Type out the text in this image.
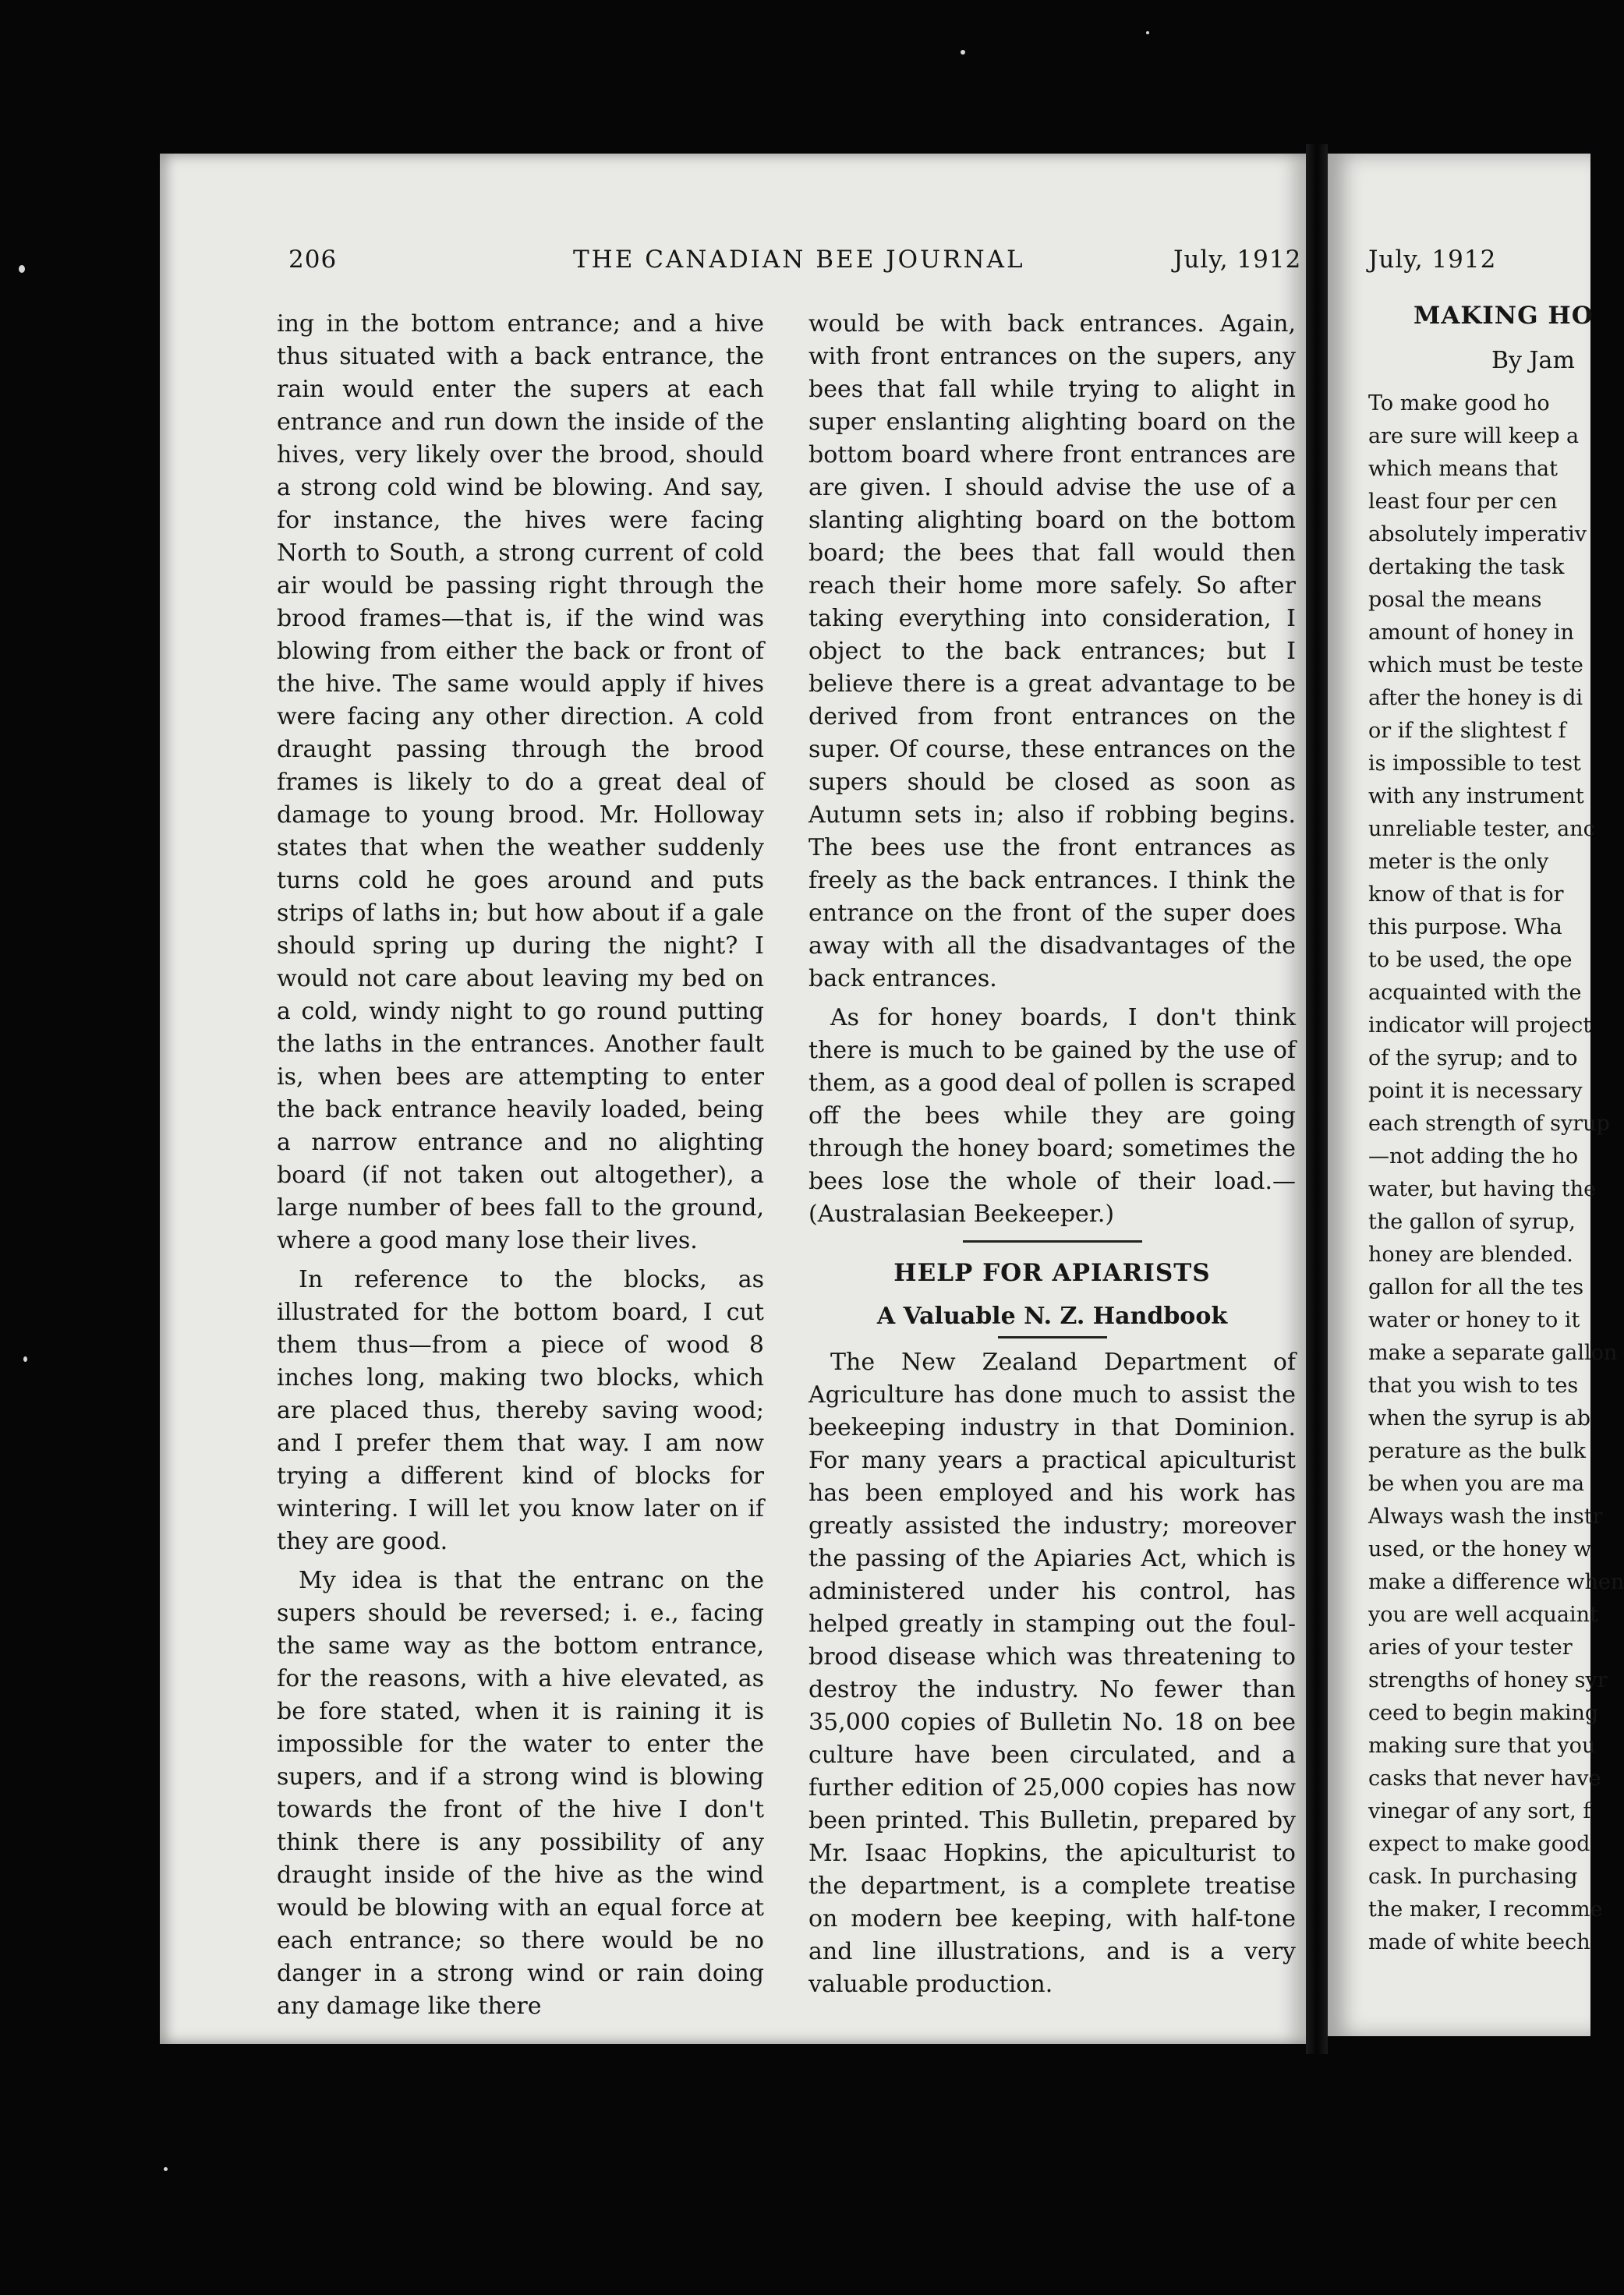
206	THE CANADIAN BEE JOURNAL	July, 1912

ing in the bottom entrance; and a hive thus situated with a back entrance, the rain would enter the supers at each entrance and run down the inside of the hives, very likely over the brood, should a strong cold wind be blowing. And say, for instance, the hives were facing North to South, a strong current of cold air would be passing right through the brood frames—that is, if the wind was blowing from either the back or front of the hive. The same would apply if hives were facing any other direction. A cold draught passing through the brood frames is likely to do a great deal of damage to young brood. Mr. Holloway states that when the weather suddenly turns cold he goes around and puts strips of laths in; but how about if a gale should spring up during the night? I would not care about leaving my bed on a cold, windy night to go round putting the laths in the entrances. Another fault is, when bees are attempting to enter the back entrance heavily loaded, being a narrow entrance and no alighting board (if not taken out altogether), a large number of bees fall to the ground, where a good many lose their lives.

In reference to the blocks, as illustrated for the bottom board, I cut them thus—from a piece of wood 8 inches long, making two blocks, which are placed thus, thereby saving wood; and I prefer them that way. I am now trying a different kind of blocks for wintering. I will let you know later on if they are good.

My idea is that the entranc on the supers should be reversed; i. e., facing the same way as the bottom entrance, for the reasons, with a hive elevated, as be fore stated, when it is raining it is impossible for the water to enter the supers, and if a strong wind is blowing towards the front of the hive I don't think there is any possibility of any draught inside of the hive as the wind would be blowing with an equal force at each entrance; so there would be no danger in a strong wind or rain doing any damage like there

would be with back entrances. Again, with front entrances on the supers, any bees that fall while trying to alight in super enslanting alighting board on the bottom board where front entrances are are given. I should advise the use of a slanting alighting board on the bottom board; the bees that fall would then reach their home more safely. So after taking everything into consideration, I object to the back entrances; but I believe there is a great advantage to be derived from front entrances on the super. Of course, these entrances on the supers should be closed as soon as Autumn sets in; also if robbing begins. The bees use the front entrances as freely as the back entrances. I think the entrance on the front of the super does away with all the disadvantages of the back entrances.

As for honey boards, I don't think there is much to be gained by the use of them, as a good deal of pollen is scraped off the bees while they are going through the honey board; sometimes the bees lose the whole of their load.—(Australasian Beekeeper.)

HELP FOR APIARISTS
A Valuable N. Z. Handbook

The New Zealand Department of Agriculture has done much to assist the beekeeping industry in that Dominion. For many years a practical apiculturist has been employed and his work has greatly assisted the industry; moreover the passing of the Apiaries Act, which is administered under his control, has helped greatly in stamping out the foul-brood disease which was threatening to destroy the industry. No fewer than 35,000 copies of Bulletin No. 18 on bee culture have been circulated, and a further edition of 25,000 copies has now been printed. This Bulletin, prepared by Mr. Isaac Hopkins, the apiculturist to the department, is a complete treatise on modern bee keeping, with half-tone and line illustrations, and is a very valuable production.

July, 1912
MAKING HO
By Jam
To make good ho
are sure will keep a
which means that
least four per cen
absolutely imperativ
dertaking the task
posal the means
amount of honey in
which must be teste
after the honey is di
or if the slightest f
is impossible to test
with any instrument
unreliable tester, anc
meter is the only
know of that is for
this purpose. Wha
to be used, the ope
acquainted with the
indicator will project
of the syrup; and to
point it is necessary
each strength of syrup
—not adding the ho
water, but having the
the gallon of syrup,
honey are blended.
gallon for all the tes
water or honey to it
make a separate gallon
that you wish to tes
when the syrup is ab
perature as the bulk
be when you are ma
Always wash the instr
used, or the honey w
make a difference when
you are well acquaint
aries of your tester
strengths of honey syr
ceed to begin making
making sure that you
casks that never have
vinegar of any sort, f
expect to make good
cask. In purchasing
the maker, I recomme
made of white beech
